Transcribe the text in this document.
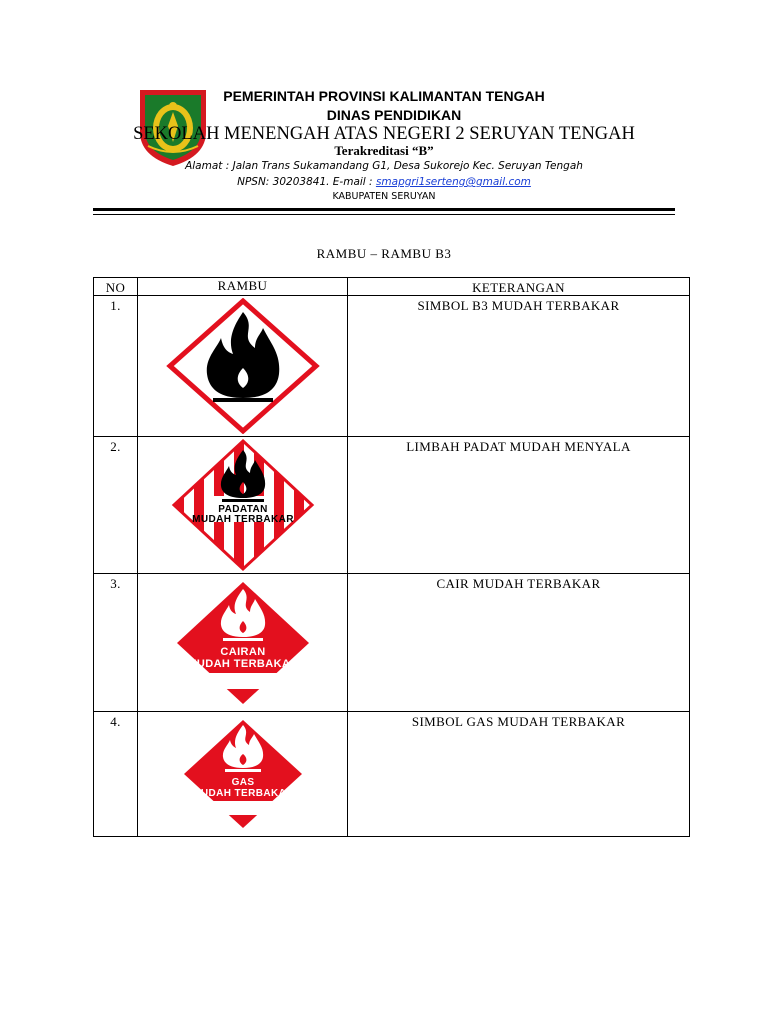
PEMERINTAH PROVINSI KALIMANTAN TENGAH
DINAS PENDIDIKAN
SEKOLAH MENENGAH ATAS NEGERI 2 SERUYAN TENGAH
Terakreditasi “B”
Alamat : Jalan Trans Sukamandang G1, Desa Sukorejo Kec. Seruyan Tengah
NPSN: 30203841. E-mail : smapgri1serteng@gmail.com
KABUPATEN SERUYAN
RAMBU – RAMBU B3
NO	RAMBU	KETERANGAN
1.		SIMBOL B3 MUDAH TERBAKAR
2.	PADATAN
MUDAH TERBAKAR	LIMBAH PADAT MUDAH MENYALA
3.	CAIRAN
MUDAH TERBAKAR	CAIR MUDAH TERBAKAR
4.	GAS
MUDAH TERBAKAR	SIMBOL GAS MUDAH TERBAKAR
